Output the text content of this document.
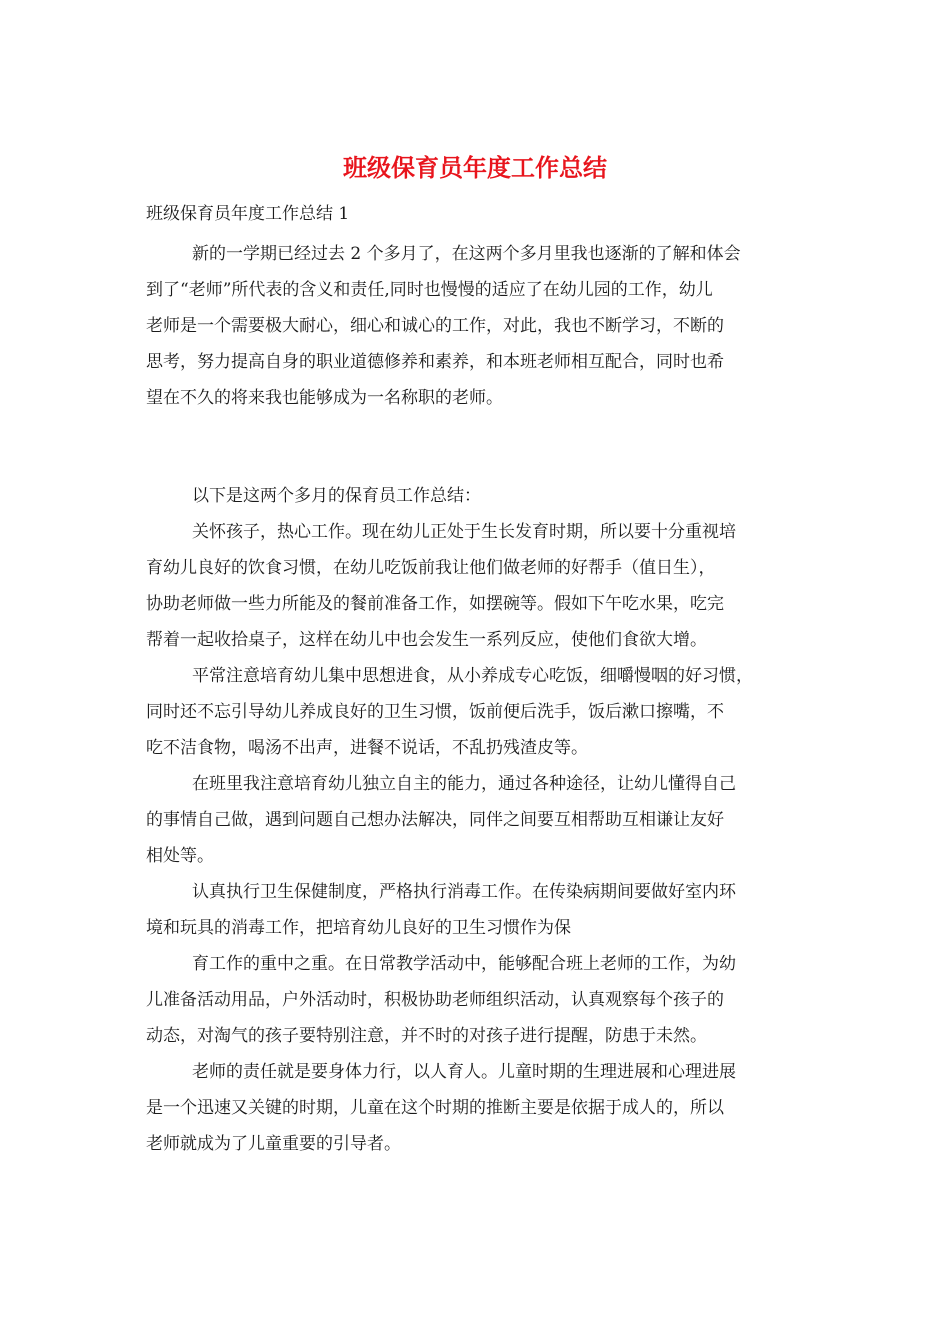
班级保育员年度工作总结

班级保育员年度工作总结 1

新的一学期已经过去 2 个多月了，在这两个多月里我也逐渐的了解和体会
到了“老师”所代表的含义和责任,同时也慢慢的适应了在幼儿园的工作，幼儿
老师是一个需要极大耐心，细心和诚心的工作，对此，我也不断学习，不断的
思考，努力提高自身的职业道德修养和素养，和本班老师相互配合，同时也希
望在不久的将来我也能够成为一名称职的老师。
以下是这两个多月的保育员工作总结：
关怀孩子，热心工作。现在幼儿正处于生长发育时期，所以要十分重视培
育幼儿良好的饮食习惯，在幼儿吃饭前我让他们做老师的好帮手（值日生），
协助老师做一些力所能及的餐前准备工作，如摆碗等。假如下午吃水果，吃完
帮着一起收拾桌子，这样在幼儿中也会发生一系列反应，使他们食欲大增。
平常注意培育幼儿集中思想进食，从小养成专心吃饭，细嚼慢咽的好习惯，
同时还不忘引导幼儿养成良好的卫生习惯，饭前便后洗手，饭后漱口擦嘴，不
吃不洁食物，喝汤不出声，进餐不说话，不乱扔残渣皮等。
在班里我注意培育幼儿独立自主的能力，通过各种途径，让幼儿懂得自己
的事情自己做，遇到问题自己想办法解决，同伴之间要互相帮助互相谦让友好
相处等。
认真执行卫生保健制度，严格执行消毒工作。在传染病期间要做好室内环
境和玩具的消毒工作，把培育幼儿良好的卫生习惯作为保
育工作的重中之重。在日常教学活动中，能够配合班上老师的工作，为幼
儿准备活动用品，户外活动时，积极协助老师组织活动，认真观察每个孩子的
动态，对淘气的孩子要特别注意，并不时的对孩子进行提醒，防患于未然。
老师的责任就是要身体力行，以人育人。儿童时期的生理进展和心理进展
是一个迅速又关键的时期，儿童在这个时期的推断主要是依据于成人的，所以
老师就成为了儿童重要的引导者。
